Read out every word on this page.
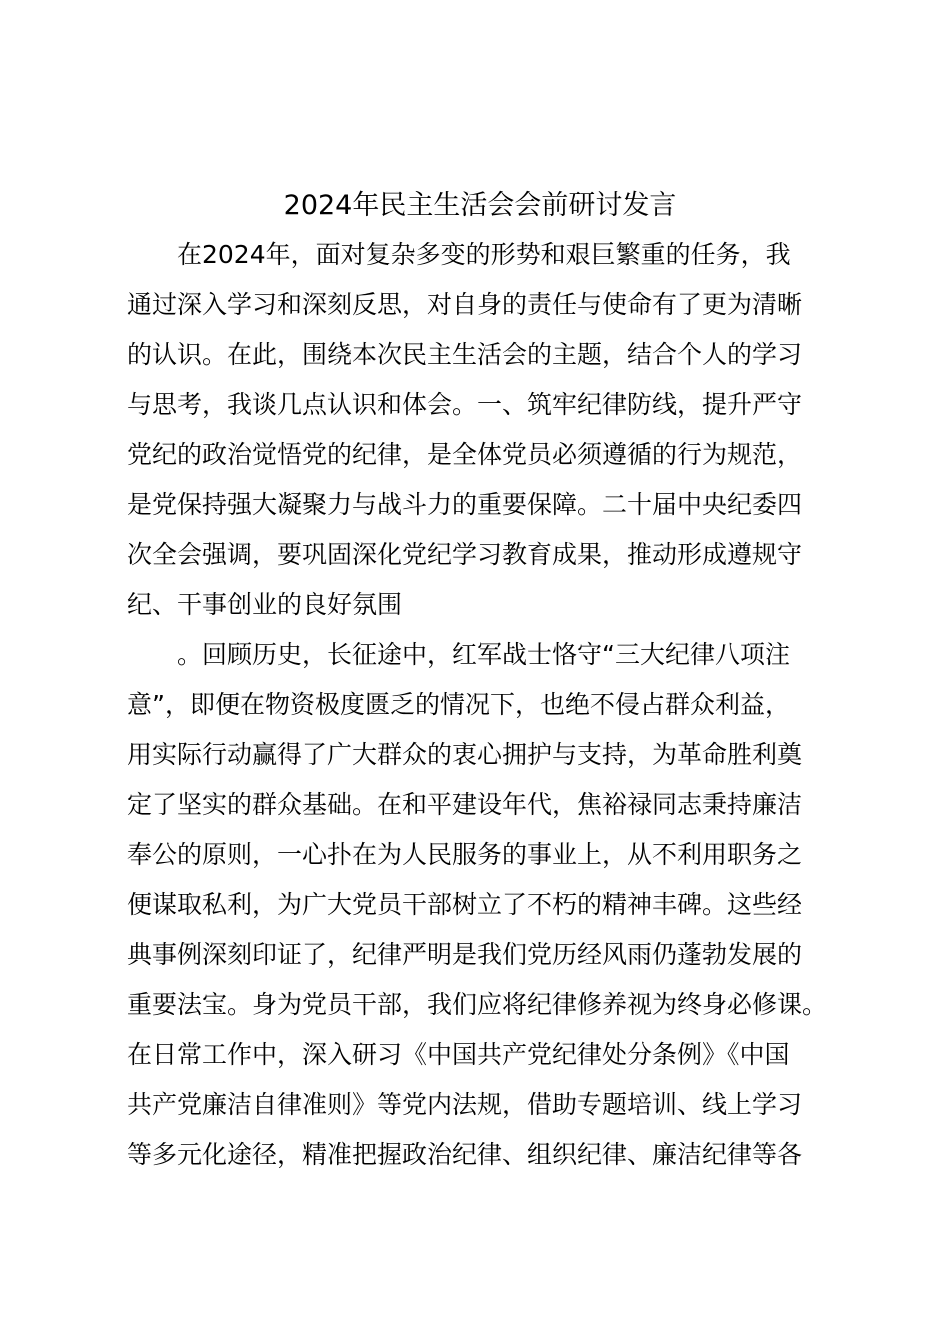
2024年民主生活会会前研讨发言
在2024年，面对复杂多变的形势和艰巨繁重的任务，我
通过深入学习和深刻反思，对自身的责任与使命有了更为清晰
的认识。在此，围绕本次民主生活会的主题，结合个人的学习
与思考，我谈几点认识和体会。一、筑牢纪律防线，提升严守
党纪的政治觉悟党的纪律，是全体党员必须遵循的行为规范，
是党保持强大凝聚力与战斗力的重要保障。二十届中央纪委四
次全会强调，要巩固深化党纪学习教育成果，推动形成遵规守
纪、干事创业的良好氛围
。回顾历史，长征途中，红军战士恪守“三大纪律八项注
意”，即便在物资极度匮乏的情况下，也绝不侵占群众利益，
用实际行动赢得了广大群众的衷心拥护与支持，为革命胜利奠
定了坚实的群众基础。在和平建设年代，焦裕禄同志秉持廉洁
奉公的原则，一心扑在为人民服务的事业上，从不利用职务之
便谋取私利，为广大党员干部树立了不朽的精神丰碑。这些经
典事例深刻印证了，纪律严明是我们党历经风雨仍蓬勃发展的
重要法宝。身为党员干部，我们应将纪律修养视为终身必修课。
在日常工作中，深入研习《中国共产党纪律处分条例》《中国
共产党廉洁自律准则》等党内法规，借助专题培训、线上学习
等多元化途径，精准把握政治纪律、组织纪律、廉洁纪律等各
